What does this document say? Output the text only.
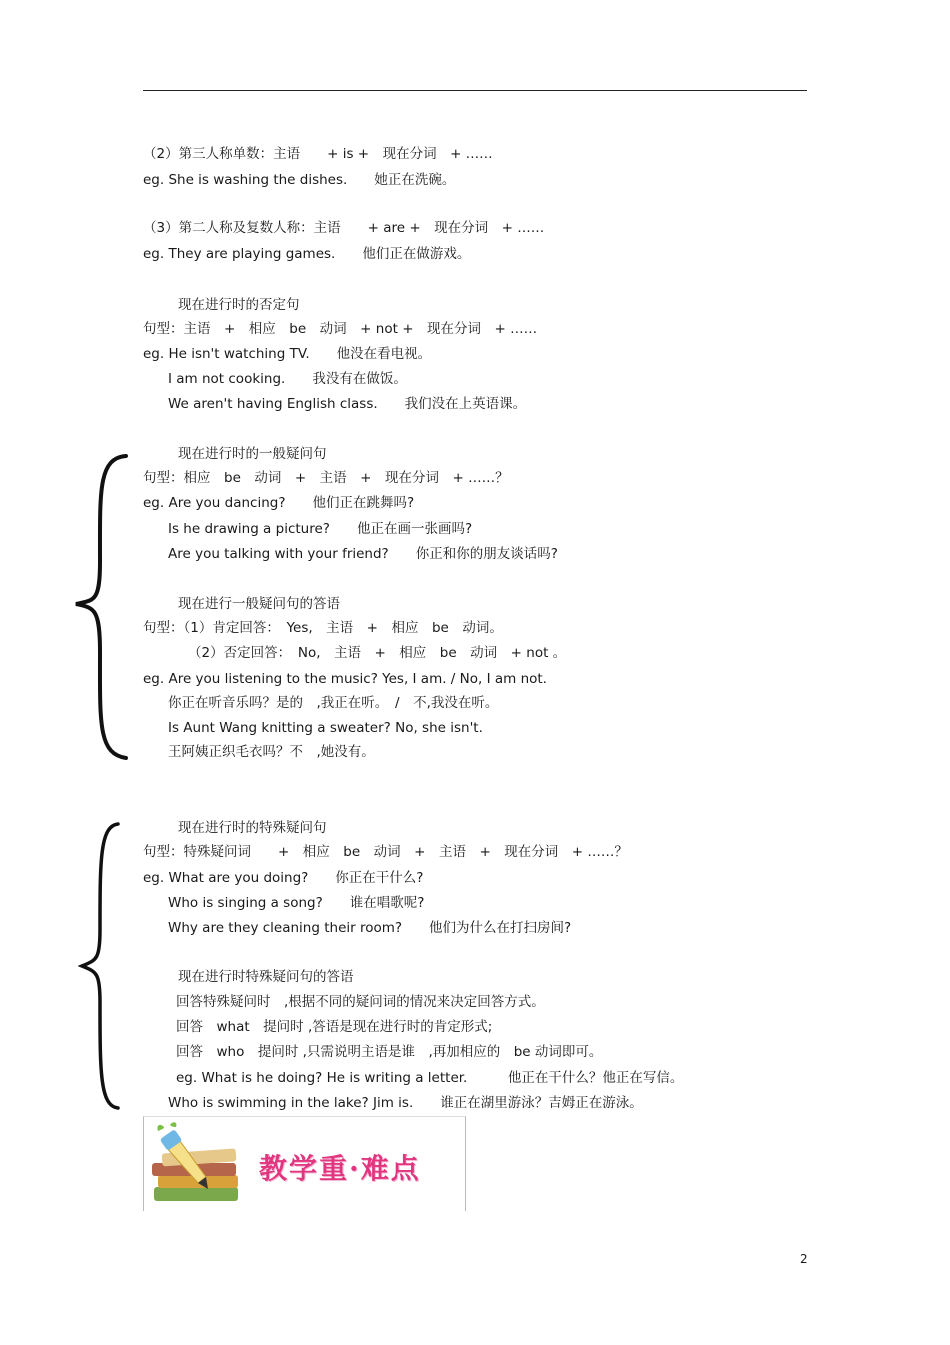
（2）第三人称单数：主语　　+ is +　现在分词　+ ……
eg. She is washing the dishes.　　她正在洗碗。
（3）第二人称及复数人称：主语　　+ are +　现在分词　+ ……
eg. They are playing games.　　他们正在做游戏。
现在进行时的否定句
句型：主语　+　相应　be　动词　+ not +　现在分词　+ ……
eg. He isn't watching TV.　　他没在看电视。
I am not cooking.　　我没有在做饭。
We aren't having English class.　　我们没在上英语课。
现在进行时的一般疑问句
句型：相应　be　动词　+　主语　+　现在分词　+ ……？
eg. Are you dancing?　　他们正在跳舞吗?
Is he drawing a picture?　　他正在画一张画吗?
Are you talking with your friend?　　你正和你的朋友谈话吗?
现在进行一般疑问句的答语
句型：（1）肯定回答：　Yes,　主语　+　相应　be　动词。
（2）否定回答：　No,　主语　+　相应　be　动词　+ not 。
eg. Are you listening to the music? Yes, I am. / No, I am not.
你正在听音乐吗？是的　,我正在听。　/　不,我没在听。
Is Aunt Wang knitting a sweater? No, she isn't.
王阿姨正织毛衣吗？不　,她没有。
现在进行时的特殊疑问句
句型：特殊疑问词　　+　相应　be　动词　+　主语　+　现在分词　+ ……？
eg. What are you doing?　　你正在干什么?
Who is singing a song?　　谁在唱歌呢?
Why are they cleaning their room?　　他们为什么在打扫房间?
现在进行时特殊疑问句的答语
回答特殊疑问时　,根据不同的疑问词的情况来决定回答方式。
回答　what　提问时 ,答语是现在进行时的肯定形式;
回答　who　提问时 ,只需说明主语是谁　,再加相应的　be 动词即可。
eg. What is he doing? He is writing a letter.　　　他正在干什么？他正在写信。
Who is swimming in the lake? Jim is.　　谁正在湖里游泳？吉姆正在游泳。
教学重·难点
2
